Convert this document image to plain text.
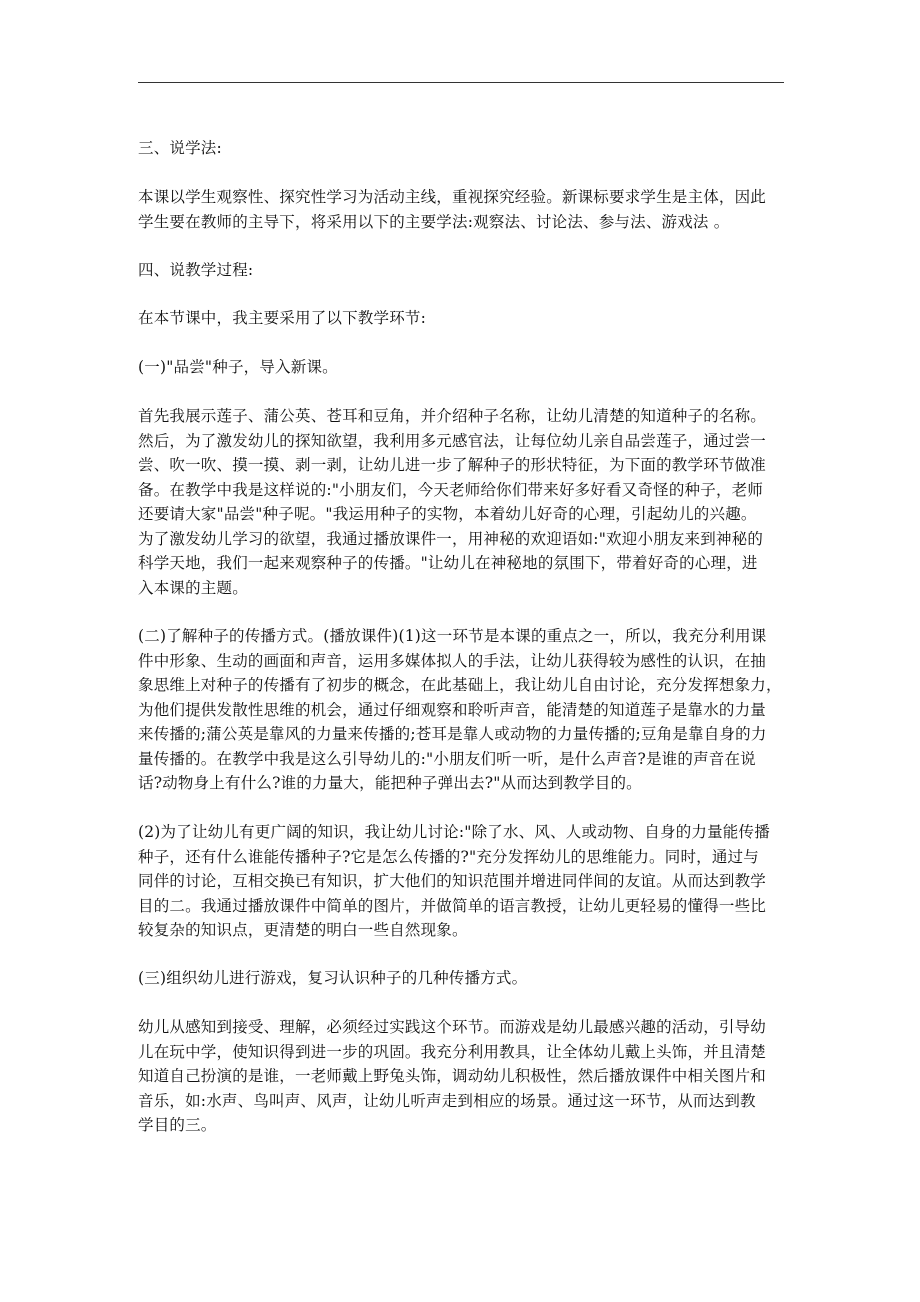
三、说学法:

本课以学生观察性、探究性学习为活动主线，重视探究经验。新课标要求学生是主体，因此
学生要在教师的主导下，将采用以下的主要学法:观察法、讨论法、参与法、游戏法 。

四、说教学过程:

在本节课中，我主要采用了以下教学环节:

(一)"品尝"种子，导入新课。

首先我展示莲子、蒲公英、苍耳和豆角，并介绍种子名称，让幼儿清楚的知道种子的名称。
然后，为了激发幼儿的探知欲望，我利用多元感官法，让每位幼儿亲自品尝莲子，通过尝一
尝、吹一吹、摸一摸、剥一剥，让幼儿进一步了解种子的形状特征，为下面的教学环节做准
备。在教学中我是这样说的:"小朋友们，今天老师给你们带来好多好看又奇怪的种子，老师
还要请大家"品尝"种子呢。"我运用种子的实物，本着幼儿好奇的心理，引起幼儿的兴趣。
为了激发幼儿学习的欲望，我通过播放课件一，用神秘的欢迎语如:"欢迎小朋友来到神秘的
科学天地，我们一起来观察种子的传播。"让幼儿在神秘地的氛围下，带着好奇的心理，进
入本课的主题。

(二)了解种子的传播方式。(播放课件)(1)这一环节是本课的重点之一，所以，我充分利用课
件中形象、生动的画面和声音，运用多媒体拟人的手法，让幼儿获得较为感性的认识，在抽
象思维上对种子的传播有了初步的概念，在此基础上，我让幼儿自由讨论，充分发挥想象力，
为他们提供发散性思维的机会，通过仔细观察和聆听声音，能清楚的知道莲子是靠水的力量
来传播的;蒲公英是靠风的力量来传播的;苍耳是靠人或动物的力量传播的;豆角是靠自身的力
量传播的。在教学中我是这么引导幼儿的:"小朋友们听一听，是什么声音?是谁的声音在说
话?动物身上有什么?谁的力量大，能把种子弹出去?"从而达到教学目的。

(2)为了让幼儿有更广阔的知识，我让幼儿讨论:"除了水、风、人或动物、自身的力量能传播
种子，还有什么谁能传播种子?它是怎么传播的?"充分发挥幼儿的思维能力。同时，通过与
同伴的讨论，互相交换已有知识，扩大他们的知识范围并增进同伴间的友谊。从而达到教学
目的二。我通过播放课件中简单的图片，并做简单的语言教授，让幼儿更轻易的懂得一些比
较复杂的知识点，更清楚的明白一些自然现象。

(三)组织幼儿进行游戏，复习认识种子的几种传播方式。

幼儿从感知到接受、理解，必须经过实践这个环节。而游戏是幼儿最感兴趣的活动，引导幼
儿在玩中学，使知识得到进一步的巩固。我充分利用教具，让全体幼儿戴上头饰，并且清楚
知道自己扮演的是谁，一老师戴上野兔头饰，调动幼儿积极性，然后播放课件中相关图片和
音乐，如:水声、鸟叫声、风声，让幼儿听声走到相应的场景。通过这一环节，从而达到教
学目的三。
